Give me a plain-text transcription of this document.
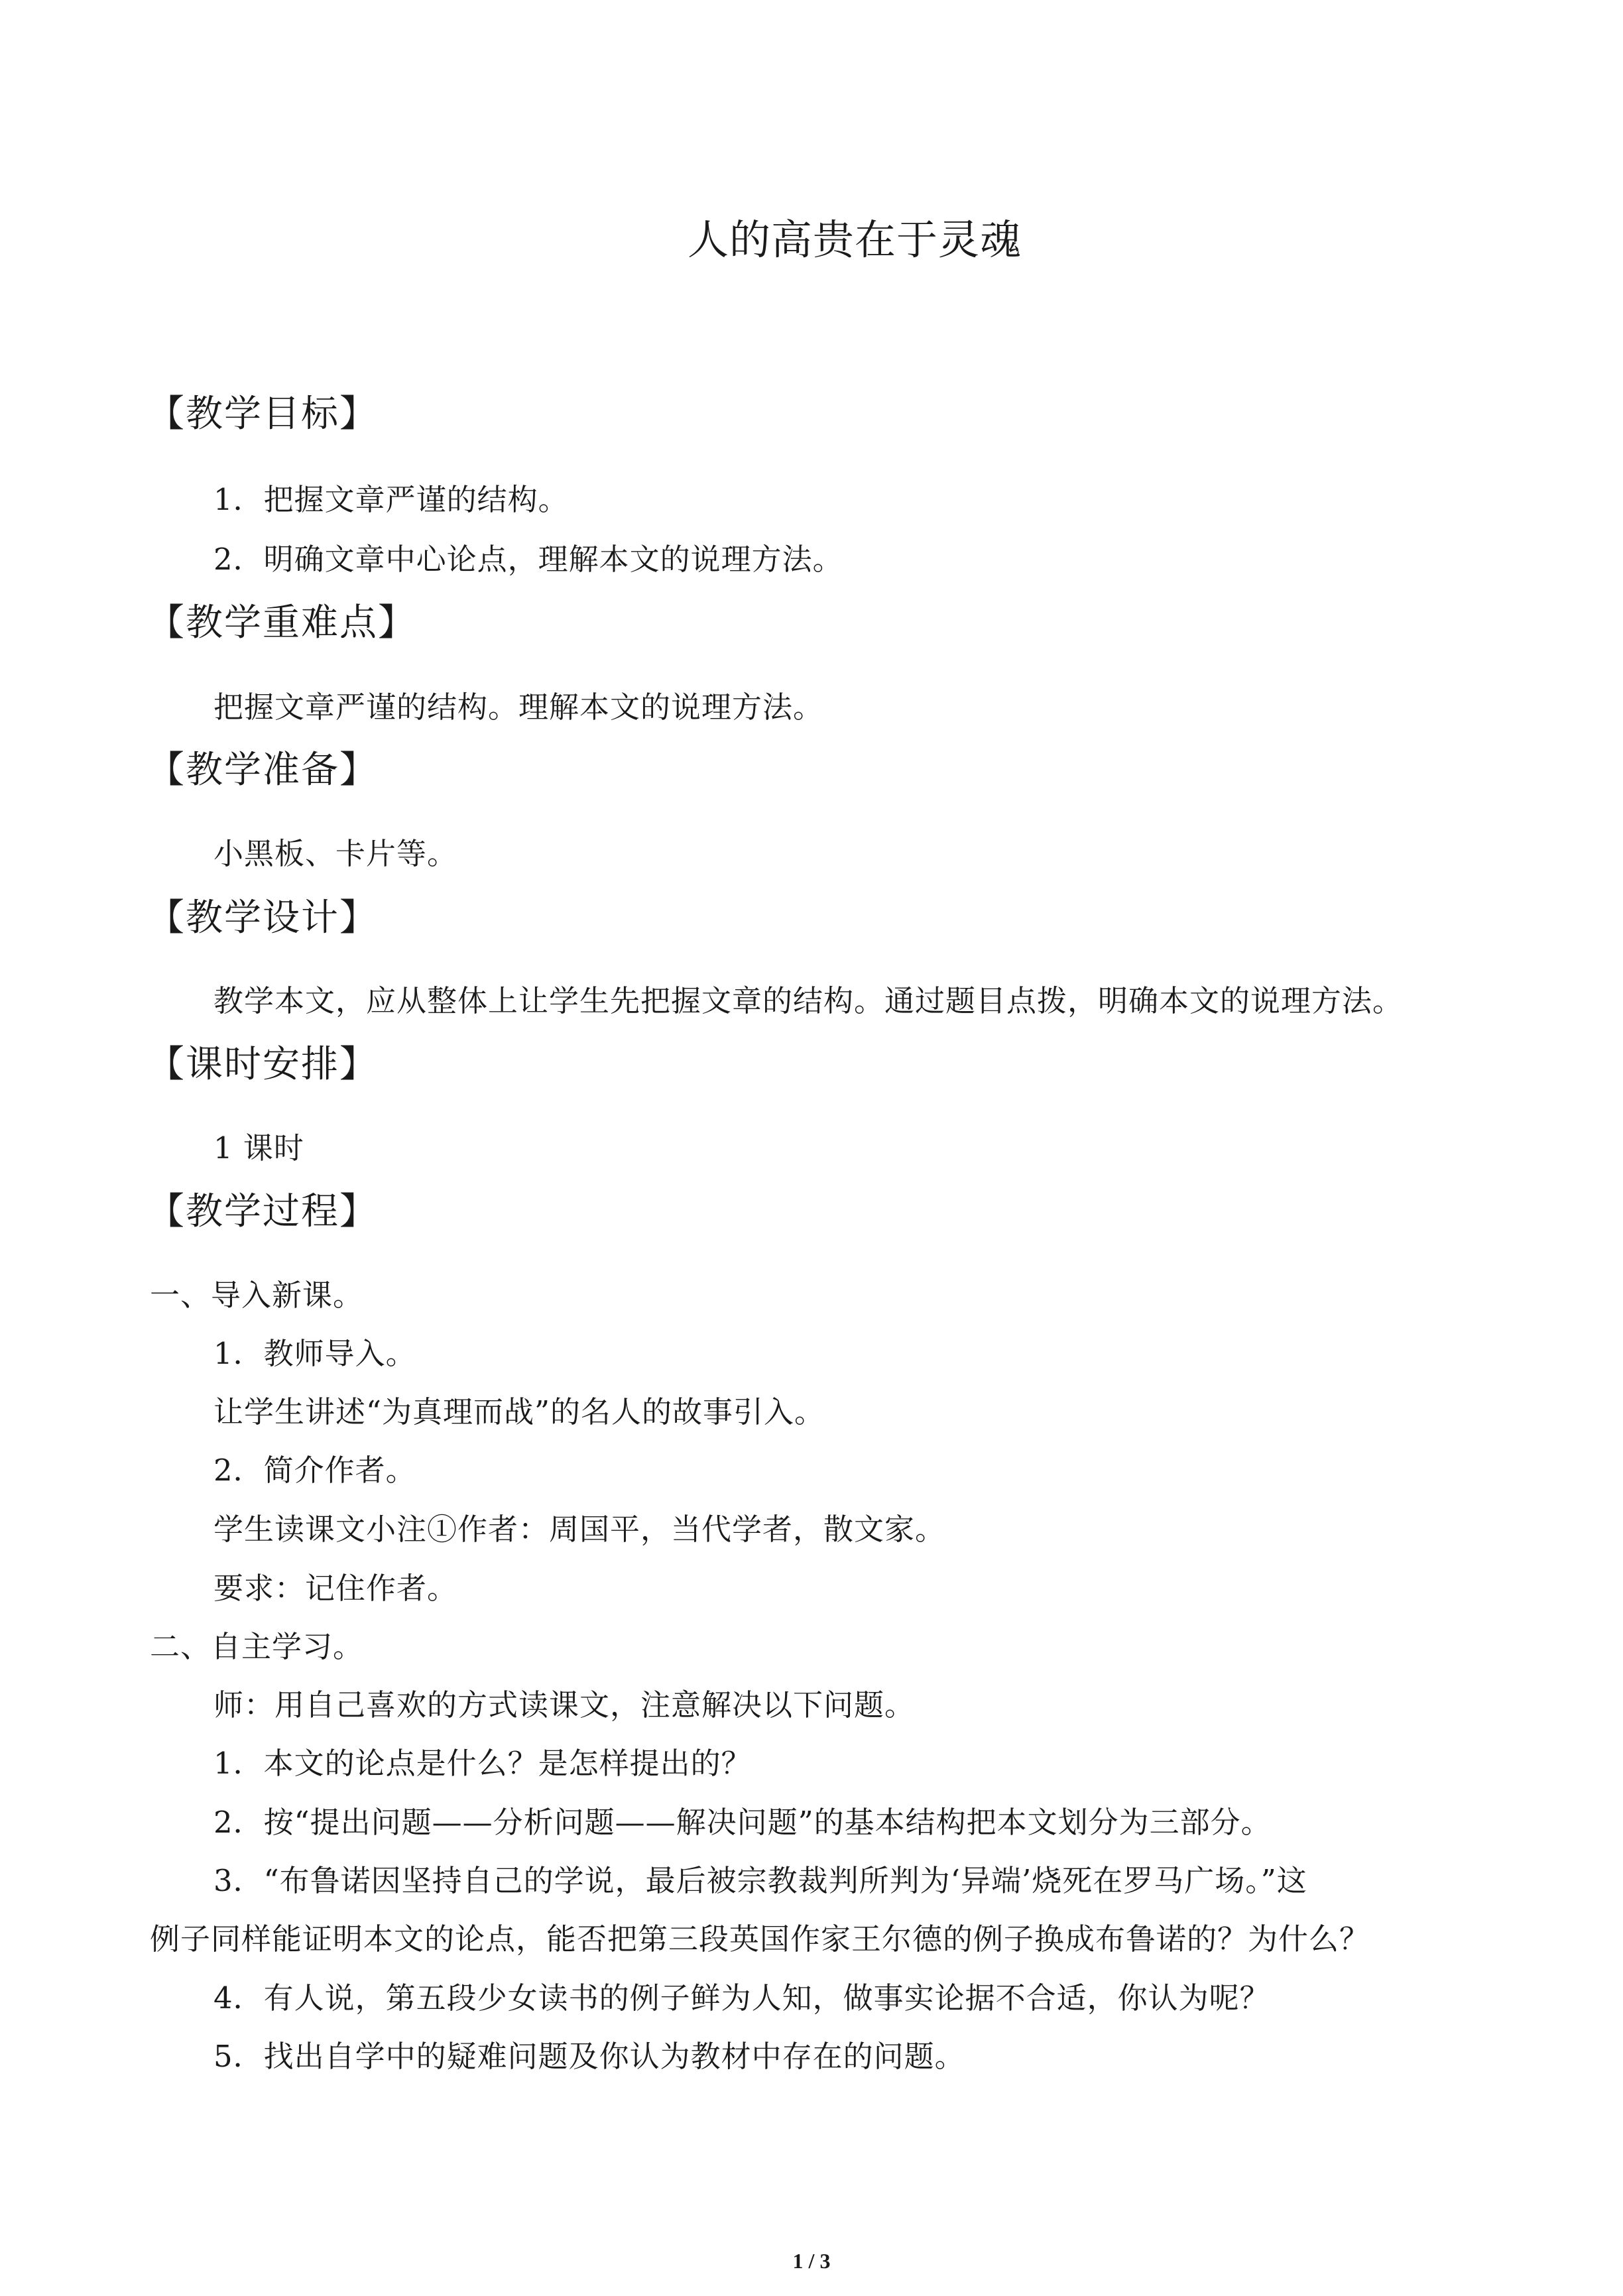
人的高贵在于灵魂
【教学目标】
1．把握文章严谨的结构。
2．明确文章中心论点，理解本文的说理方法。
【教学重难点】
把握文章严谨的结构。理解本文的说理方法。
【教学准备】
小黑板、卡片等。
【教学设计】
教学本文，应从整体上让学生先把握文章的结构。通过题目点拨，明确本文的说理方法。
【课时安排】
1 课时
【教学过程】
一、导入新课。
1．教师导入。
让学生讲述“为真理而战”的名人的故事引入。
2．简介作者。
学生读课文小注①作者：周国平，当代学者，散文家。
要求：记住作者。
二、自主学习。
师：用自己喜欢的方式读课文，注意解决以下问题。
1．本文的论点是什么？是怎样提出的？
2．按“提出问题——分析问题——解决问题”的基本结构把本文划分为三部分。
3．“布鲁诺因坚持自己的学说，最后被宗教裁判所判为‘异端’烧死在罗马广场。”这
例子同样能证明本文的论点，能否把第三段英国作家王尔德的例子换成布鲁诺的？为什么？
4．有人说，第五段少女读书的例子鲜为人知，做事实论据不合适，你认为呢？
5．找出自学中的疑难问题及你认为教材中存在的问题。
1 / 3
